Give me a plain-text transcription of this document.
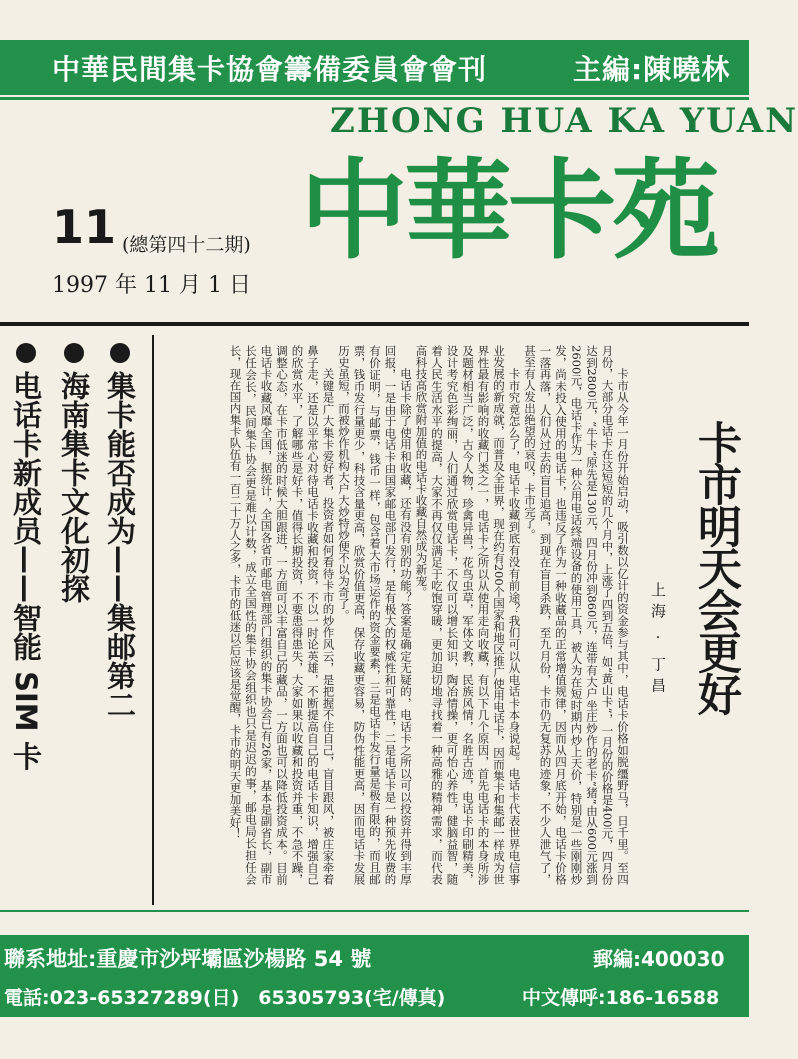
中華民間集卡協會籌備委員會會刊	主編:陳曉林
ZHONG HUA KA YUAN
中華卡苑
11 (總第四十二期)
1997 年 11 月 1 日
集卡能否成为——集邮第二
海南集卡文化初探
电话卡新成员——智能 SIM 卡	卡市从今年一月份开始启动，吸引数以亿计的资金参与其中，电话卡价格如脱缰野马，日千里。至四月份，大部分电话卡在这短短的几个月中，上涨了四到五倍，如“黄山卡”，一月份的价格是400元，四月份达到2800元，“牛卡”原先是130元，四月份冲到860元，连带有大户坐庄炒作的老卡“猪”由从600元涨到2600元，电话卡作为一种公用电话终端设备的使用工具，被人为在短时期内炒上天价，特别是一些刚刚炒发，尚未投入使用的电话卡，也违反了作为一种收藏品的正常增值规律，因而从四月底开始，电话卡价格一落再落，人们从过去的盲目追高，到现在盲目杀跌，至九月份，卡市仍无复苏的迹象，不少人泄气了，甚至有人发出绝望的哀叹，卡市完了。

卡市究竟怎么了，电话卡收藏到底有没有前途？我们可以从电话卡本身说起。电话卡代表世界电信事业发展的新成就，而普及全世界，现在约有200个国家和地区推广使用电话卡，因而集卡和集邮一样成为世界性最有影响的收藏门类之一，电话卡之所以从使用走向收藏，有以下几个原因，首先电话卡的本身所涉及题材相当广泛，古今人物，珍禽异兽，花鸟虫草，军体文教，民族风情，名胜古迹，电话卡印刷精美，设计考究色彩绚丽，人们通过欣赏电话卡，不仅可以增长知识，陶冶情操，更可怡心养性，健脑益智，随着人民生活水平的提高，大家不再仅仅满足于吃饱穿暖，更加迫切地寻找着一种高雅的精神需求，而代表高科技高欣赏附加值的电话卡收藏自然成为新宠。

电话卡除了使用和收藏，还有没有别的功能？答案是确定无疑的，电话卡之所以可以投资并得到丰厚回报，一是由于电话卡由国家邮电部门发行，是有极大的权威性和可靠性，二是电话卡是一种预先收费的有价证明，与邮票，钱币一样，包含着大市场运作的资金要素，三是电话卡发行量是极有限的，而且邮票，钱币发行量更少，科技含量更高，欣赏价值更高，保存收藏更容易，防伪性能更高，因而电话卡发展历史虽短，而被炒作机构大户大炒特炒便不以为奇了。

关键是广大集卡爱好者，投资者如何看待卡市的炒作风云，是把握不住自己，盲目跟风，被庄家牵着鼻子走，还是以平常心对待电话卡收藏和投资，不以一时论英雄，不断提高自己的电话卡知识，增强自己的欣赏水平，了解哪些是好卡，值得长期投资，不要患得患失，大家如果以收藏和投资并重，不急不躁，调整心态，在卡市低迷的时候大胆跟进，一方面可以丰富自己的藏品，一方面也可以降低投资成本。目前电话卡收藏风靡全国，据统计，全国各省市邮电管理部门组织的集卡协会已有26家，基本是副省长，副市长任会长，民间集卡协会更是难以计数，成立全国性的集卡协会组织也只是迟迟的事，邮电局长担任会长，现在国内集卡队伍有一百二十万人之多，卡市的低迷以后应该是觉醒，卡市的明天更加美好！	卡市明天会更好
上海 · 丁昌
聯系地址:重慶市沙坪壩區沙楊路 54 號	郵編:400030
電話:023-65327289(日)　65305793(宅/傳真)	中文傳呼:186-16588
